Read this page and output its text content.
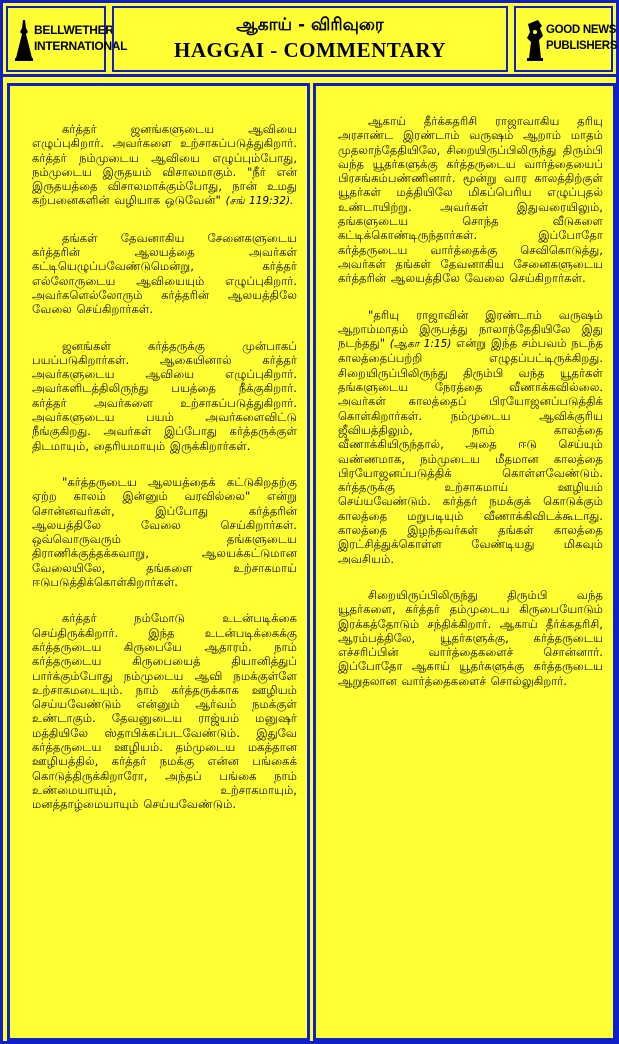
BELLWETHER
INTERNATIONAL
ஆகாய் - விரிவுரை
HAGGAI - COMMENTARY
GOOD NEWS
PUBLISHERS

கர்த்தர் ஜனங்களுடைய ஆவியை எழுப்புகிறார். அவர்களை உற்சாகப்படுத்துகிறார். கர்த்தர் நம்முடைய ஆவியை எழுப்பும்போது, நம்முடைய இருதயம் விசாலமாகும். "நீர் என் இருதயத்தை விசாலமாக்கும்போது, நான் உமது கற்பனைகளின் வழியாக ஒடுவேன்" (சங் 119:32).

தங்கள் தேவனாகிய சேனைகளுடைய கர்த்தரின் ஆலயத்தை அவர்கள் கட்டியெழுப்பவேண்டுமென்று, கர்த்தர் எல்லோருடைய ஆவியையும் எழுப்புகிறார். அவர்களெல்லோரும் கர்த்தரின் ஆலயத்திலே வேலை செய்கிறார்கள்.

ஜனங்கள் கர்த்தருக்கு முன்பாகப் பயப்படுகிறார்கள். ஆகையினால் கர்த்தர் அவர்களுடைய ஆவியை எழுப்புகிறார். அவர்களிடத்திலிருந்து பயத்தை நீக்குகிறார். கர்த்தர் அவர்களை உற்சாகப்படுத்துகிறார். அவர்களுடைய பயம் அவர்களைவிட்டு நீங்குகிறது. அவர்கள் இப்போது கர்த்தருக்குள் திடமாயும், தைரியமாயும் இருக்கிறார்கள்.

"கர்த்தருடைய ஆலயத்தைக் கட்டுகிறதற்கு ஏற்ற காலம் இன்னும் வரவில்லை" என்று சொன்னவர்கள், இப்போது கர்த்தரின் ஆலயத்திலே வேலை செய்கிறார்கள். ஒவ்வொருவரும் தங்களுடைய திராணிக்குத்தக்கவாறு, ஆலயக்கட்டுமான வேலையிலே, தங்களை உற்சாகமாய் ஈடுபடுத்திக்கொள்கிறார்கள்.

கர்த்தர் நம்மோடு உடன்படிக்கை செய்திருக்கிறார். இந்த உடன்படிக்கைக்கு கர்த்தருடைய கிருபையே ஆதாரம். நாம் கர்த்தருடைய கிருபையைத் தியானித்துப் பார்க்கும்போது நம்முடைய ஆவி நமக்குள்ளே உற்சாகமடையும். நாம் கர்த்தருக்காக ஊழியம் செய்யவேண்டும் என்னும் ஆர்வம் நமக்குள் உண்டாகும். தேவனுடைய ராஜ்யம் மனுஷர் மத்தியிலே ஸ்தாபிக்கப்படவேண்டும். இதுவே கர்த்தருடைய ஊழியம். தம்முடைய மகத்தான ஊழியத்தில், கர்த்தர் நமக்கு என்ன பங்கைக் கொடுத்திருக்கிறாரோ, அந்தப் பங்கை நாம் உண்மையாயும், உற்சாகமாயும், மனத்தாழ்மையாயும் செய்யவேண்டும்.

ஆகாய் தீர்க்கதரிசி ராஜாவாகிய தரியு அரசாண்ட இரண்டாம் வருஷம் ஆறாம் மாதம் முதலாந்தேதியிலே, சிறையிருப்பிலிருந்து திரும்பி வந்த யூதர்களுக்கு கர்த்தருடைய வார்த்தையைப் பிரசங்கம்பண்ணினார். மூன்று வார காலத்திற்குள் யூதர்கள் மத்தியிலே மிகப்பெரிய எழுப்புதல் உண்டாயிற்று. அவர்கள் இதுவரையிலும், தங்களுடைய சொந்த வீடுகளை கட்டிக்கொண்டிருந்தார்கள். இப்போதோ கர்த்தருடைய வார்த்தைக்கு செவிகொடுத்து, அவர்கள் தங்கள் தேவனாகிய சேனைகளுடைய கர்த்தரின் ஆலயத்திலே வேலை செய்கிறார்கள்.

"தரியு ராஜாவின் இரண்டாம் வருஷம் ஆறாம்மாதம் இருபத்து நாலாந்தேதியிலே இது நடந்தது" (ஆகா 1:15) என்று இந்த சம்பவம் நடந்த காலத்தைப்பற்றி எழுதப்பட்டிருக்கிறது. சிறையிருப்பிலிருந்து திரும்பி வந்த யூதர்கள் தங்களுடைய நேரத்தை வீணாக்கவில்லை. அவர்கள் காலத்தைப் பிரயோஜனப்படுத்திக் கொள்கிறார்கள். நம்முடைய ஆவிக்குரிய ஜீவியத்திலும், நாம் காலத்தை வீணாக்கியிருந்தால், அதை ஈடு செய்யும் வண்ணமாக, நம்முடைய மீதமான காலத்தை பிரயோஜனப்படுத்திக் கொள்ளவேண்டும். கர்த்தருக்கு உற்சாகமாய் ஊழியம் செய்யவேண்டும். கர்த்தர் நமக்குக் கொடுக்கும் காலத்தை மறுபடியும் வீணாக்கிவிடக்கூடாது. காலத்தை இழந்தவர்கள் தங்கள் காலத்தை இரட்சித்துக்கொள்ள வேண்டியது மிகவும் அவசியம்.

சிறையிருப்பிலிருந்து திரும்பி வந்த யூதர்களை, கர்த்தர் தம்முடைய கிருபையோடும் இரக்கத்தோடும் சந்திக்கிறார். ஆகாய் தீர்க்கதரிசி, ஆரம்பத்திலே, யூதர்களுக்கு, கர்த்தருடைய எச்சரிப்பின் வார்த்தைகளைச் சொன்னார். இப்போதோ ஆகாய் யூதர்களுக்கு கர்த்தருடைய ஆறுதலான வார்த்தைகளைச் சொல்லுகிறார்.
